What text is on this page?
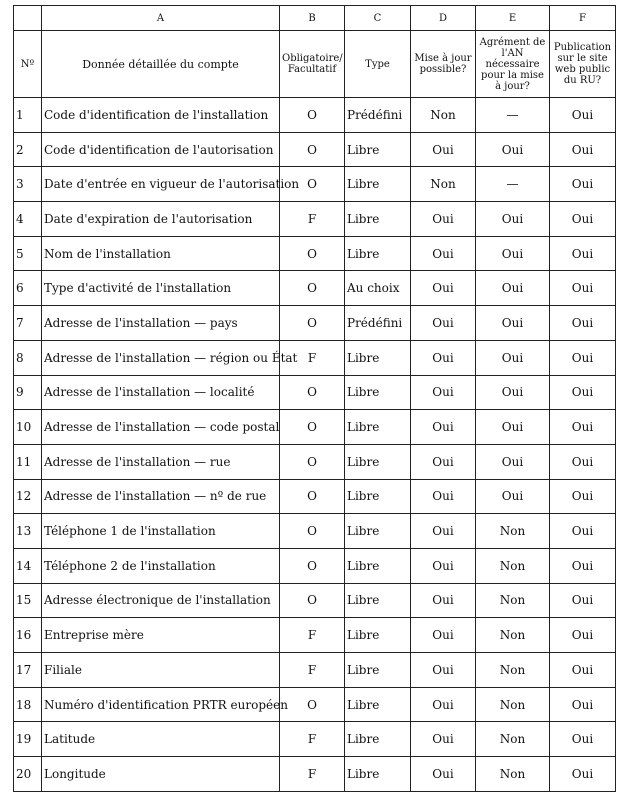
	A	B	C	D	E	F
Nº	Donnée détaillée du compte	Obligatoire/ Facultatif	Type	Mise à jour possible?	Agrément de l'AN nécessaire pour la mise à jour?	Publication sur le site web public du RU?
1	Code d'identification de l'installation	O	Prédéfini	Non	—	Oui
2	Code d'identification de l'autorisation	O	Libre	Oui	Oui	Oui
3	Date d'entrée en vigueur de l'autorisation	O	Libre	Non	—	Oui
4	Date d'expiration de l'autorisation	F	Libre	Oui	Oui	Oui
5	Nom de l'installation	O	Libre	Oui	Oui	Oui
6	Type d'activité de l'installation	O	Au choix	Oui	Oui	Oui
7	Adresse de l'installation — pays	O	Prédéfini	Oui	Oui	Oui
8	Adresse de l'installation — région ou État	F	Libre	Oui	Oui	Oui
9	Adresse de l'installation — localité	O	Libre	Oui	Oui	Oui
10	Adresse de l'installation — code postal	O	Libre	Oui	Oui	Oui
11	Adresse de l'installation — rue	O	Libre	Oui	Oui	Oui
12	Adresse de l'installation — nº de rue	O	Libre	Oui	Oui	Oui
13	Téléphone 1 de l'installation	O	Libre	Oui	Non	Oui
14	Téléphone 2 de l'installation	O	Libre	Oui	Non	Oui
15	Adresse électronique de l'installation	O	Libre	Oui	Non	Oui
16	Entreprise mère	F	Libre	Oui	Non	Oui
17	Filiale	F	Libre	Oui	Non	Oui
18	Numéro d'identification PRTR européen	O	Libre	Oui	Non	Oui
19	Latitude	F	Libre	Oui	Non	Oui
20	Longitude	F	Libre	Oui	Non	Oui
